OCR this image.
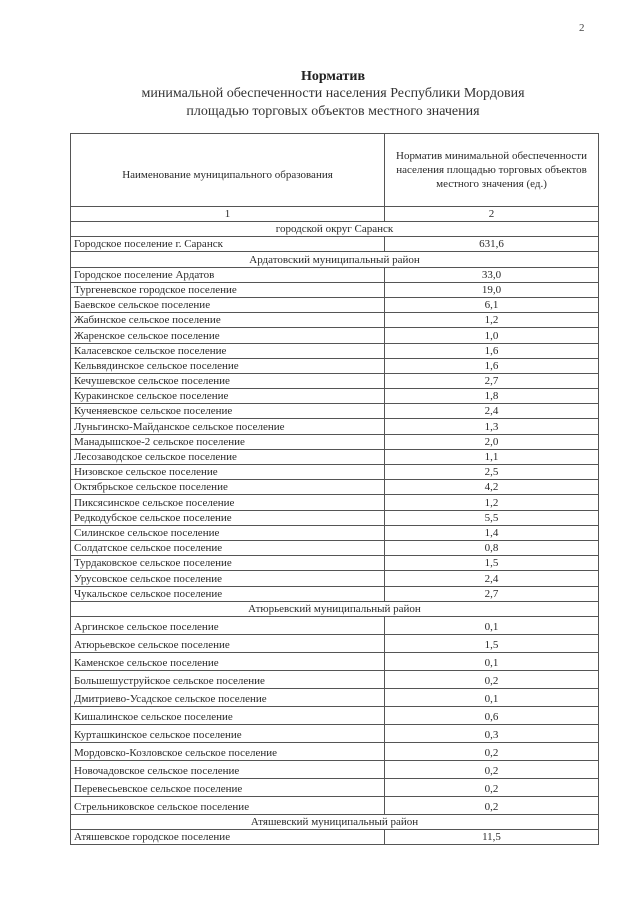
2
Норматив
минимальной обеспеченности населения Республики Мордовия
площадью торговых объектов местного значения
Наименование муниципального образования	Норматив минимальной обеспеченности населения площадью торговых объектов местного значения (ед.)
1	2
городской округ Саранск	
Городское поселение г. Саранск	631,6
Ардатовский муниципальный район	
Городское поселение Ардатов	33,0
Тургеневское городское поселение	19,0
Баевское сельское поселение	6,1
Жабинское сельское поселение	1,2
Жаренское сельское поселение	1,0
Каласевское сельское поселение	1,6
Кельвядинское сельское поселение	1,6
Кечушевское сельское поселение	2,7
Куракинское сельское поселение	1,8
Кученяевское сельское поселение	2,4
Луньгинско-Майданское сельское поселение	1,3
Манадышское-2 сельское поселение	2,0
Лесозаводское сельское поселение	1,1
Низовское сельское поселение	2,5
Октябрьское сельское поселение	4,2
Пиксясинское сельское поселение	1,2
Редкодубское сельское поселение	5,5
Силинское сельское поселение	1,4
Солдатское сельское поселение	0,8
Турдаковское сельское поселение	1,5
Урусовское сельское поселение	2,4
Чукальское сельское поселение	2,7
Атюрьевский муниципальный район	
Аргинское сельское поселение	0,1
Атюрьевское сельское поселение	1,5
Каменское сельское поселение	0,1
Большешуструйское сельское поселение	0,2
Дмитриево-Усадское сельское поселение	0,1
Кишалинское сельское поселение	0,6
Курташкинское сельское поселение	0,3
Мордовско-Козловское сельское поселение	0,2
Новочадовское сельское поселение	0,2
Перевесьевское сельское поселение	0,2
Стрельниковское сельское поселение	0,2
Атяшевский муниципальный район	
Атяшевское городское поселение	11,5
